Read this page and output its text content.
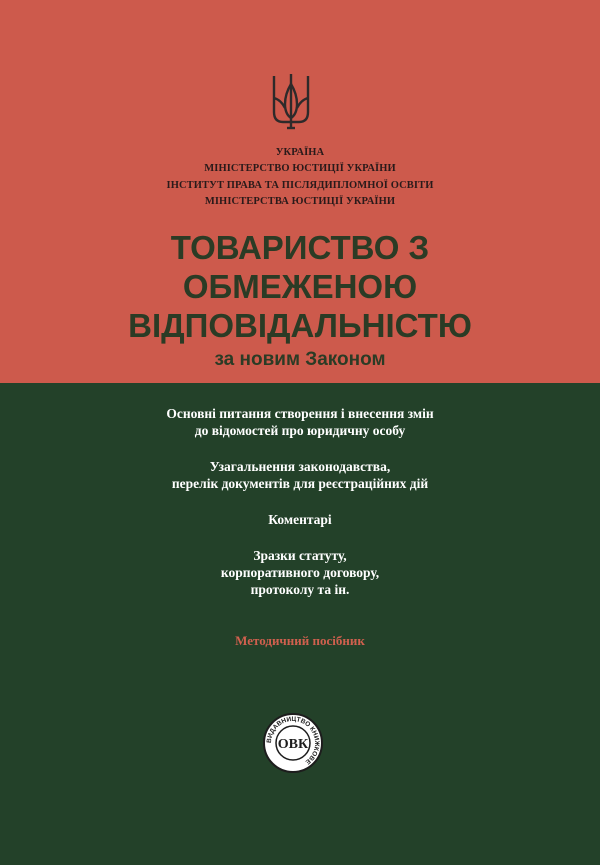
УКРАЇНА
МІНІСТЕРСТВО ЮСТИЦІЇ УКРАЇНИ
ІНСТИТУТ ПРАВА ТА ПІСЛЯДИПЛОМНОЇ ОСВІТИ
МІНІСТЕРСТВА ЮСТИЦІЇ УКРАЇНИ
ТОВАРИСТВО З
ОБМЕЖЕНОЮ
ВІДПОВІДАЛЬНІСТЮ
за новим Законом
Основні питання створення і внесення змін
до відомостей про юридичну особу
Узагальнення законодавства,
перелік документів для реєстраційних дій
Коментарі
Зразки статуту,
корпоративного договору,
протоколу та ін.
Методичний посібник
ВИДАВНИЦТВО КНИЖКОВЕ
ОВК
